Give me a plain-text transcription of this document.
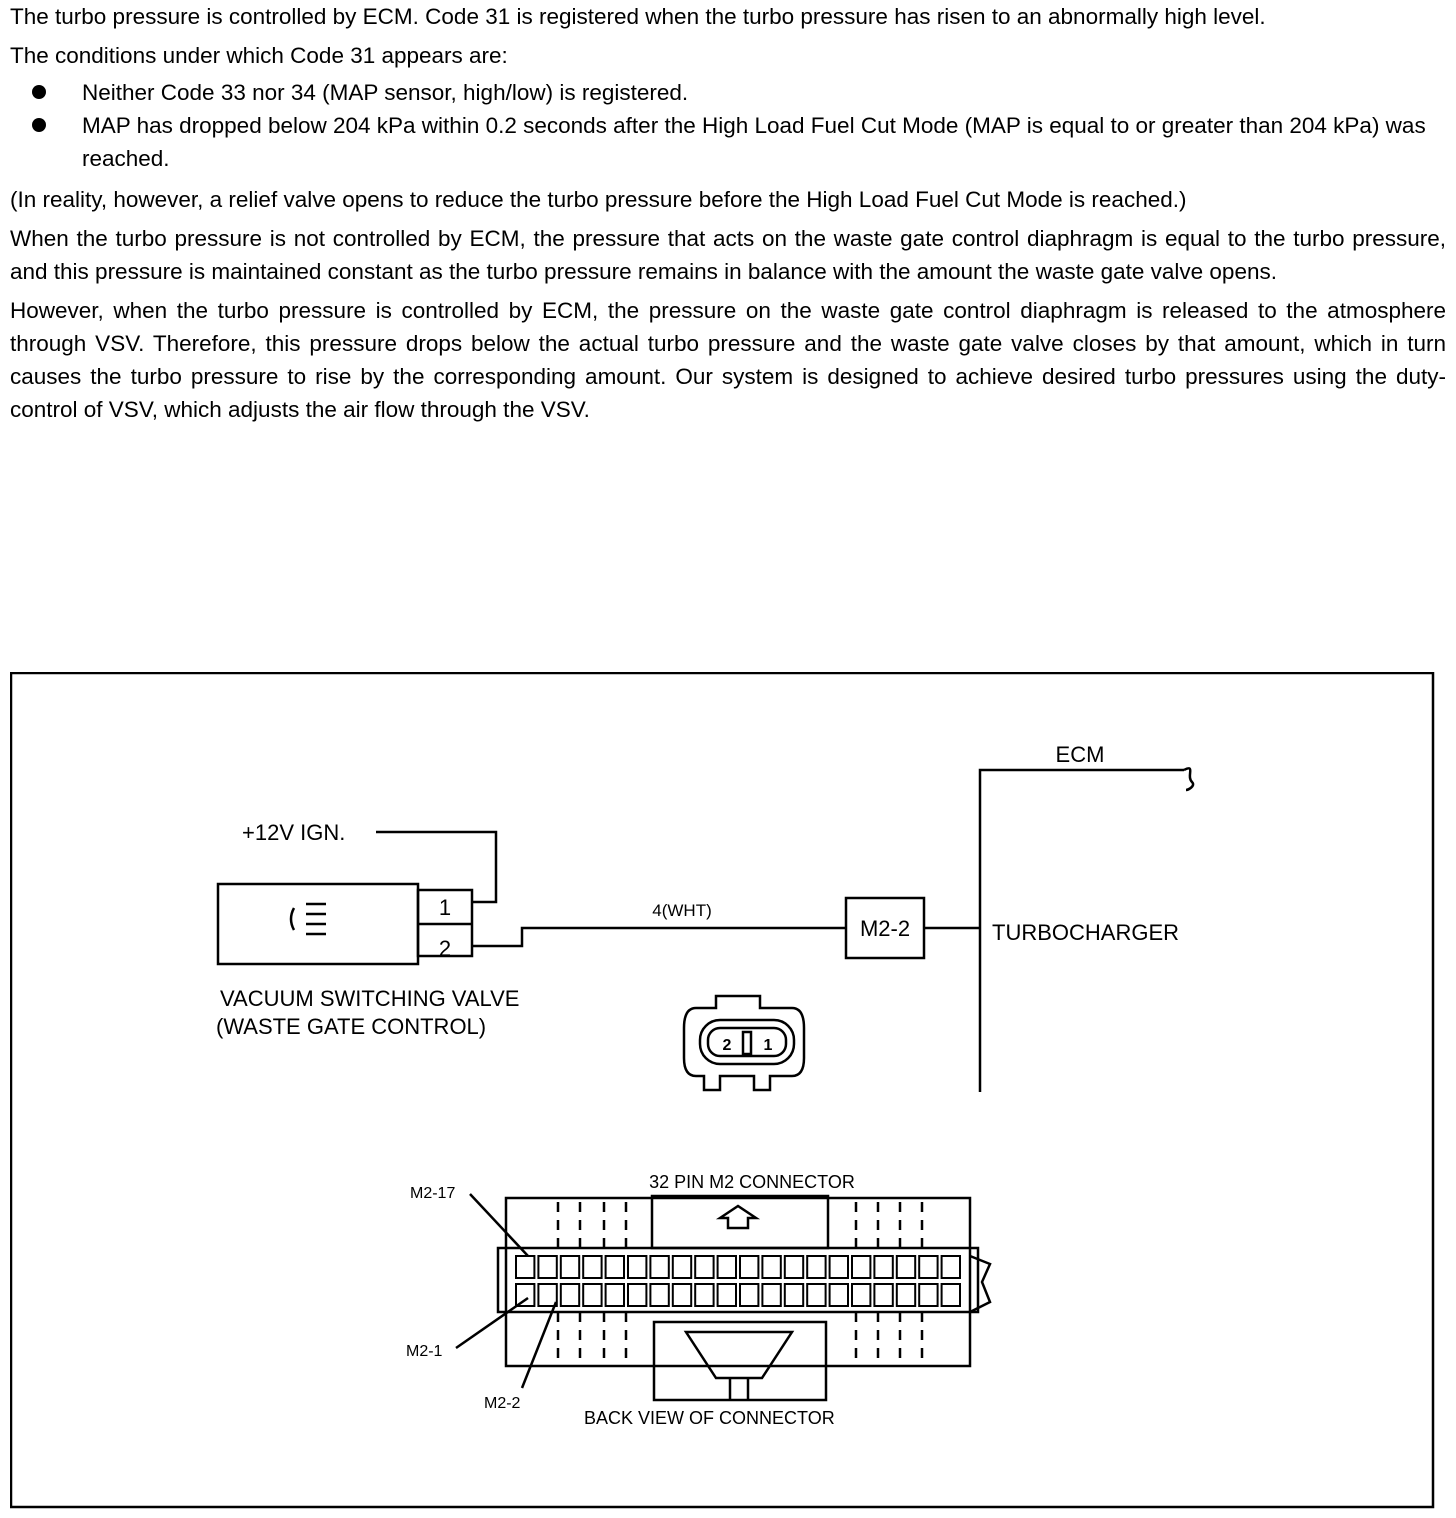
The turbo pressure is controlled by ECM. Code 31 is registered when the turbo pressure has risen to an abnormally high level.

The conditions under which Code 31 appears are:

Neither Code 33 nor 34 (MAP sensor, high/low) is registered.
MAP has dropped below 204 kPa within 0.2 seconds after the High Load Fuel Cut Mode (MAP is equal to or greater than 204 kPa) was reached.

(In reality, however, a relief valve opens to reduce the turbo pressure before the High Load Fuel Cut Mode is reached.)

When the turbo pressure is not controlled by ECM, the pressure that acts on the waste gate control diaphragm is equal to the turbo pressure, and this pressure is maintained constant as the turbo pressure remains in balance with the amount the waste gate valve opens.

However, when the turbo pressure is controlled by ECM, the pressure on the waste gate control diaphragm is released to the atmosphere through VSV. Therefore, this pressure drops below the actual turbo pressure and the waste gate valve closes by that amount, which in turn causes the turbo pressure to rise by the corresponding amount. Our system is designed to achieve desired turbo pressures using the duty-control of VSV, which adjusts the air flow through the VSV.

ECM
+12V IGN.
1
2
4(WHT)
M2-2	TURBOCHARGER
VACUUM SWITCHING VALVE
(WASTE GATE CONTROL)
2 1
32 PIN M2 CONNECTOR
M2-17
M2-1
M2-2
BACK VIEW OF CONNECTOR
